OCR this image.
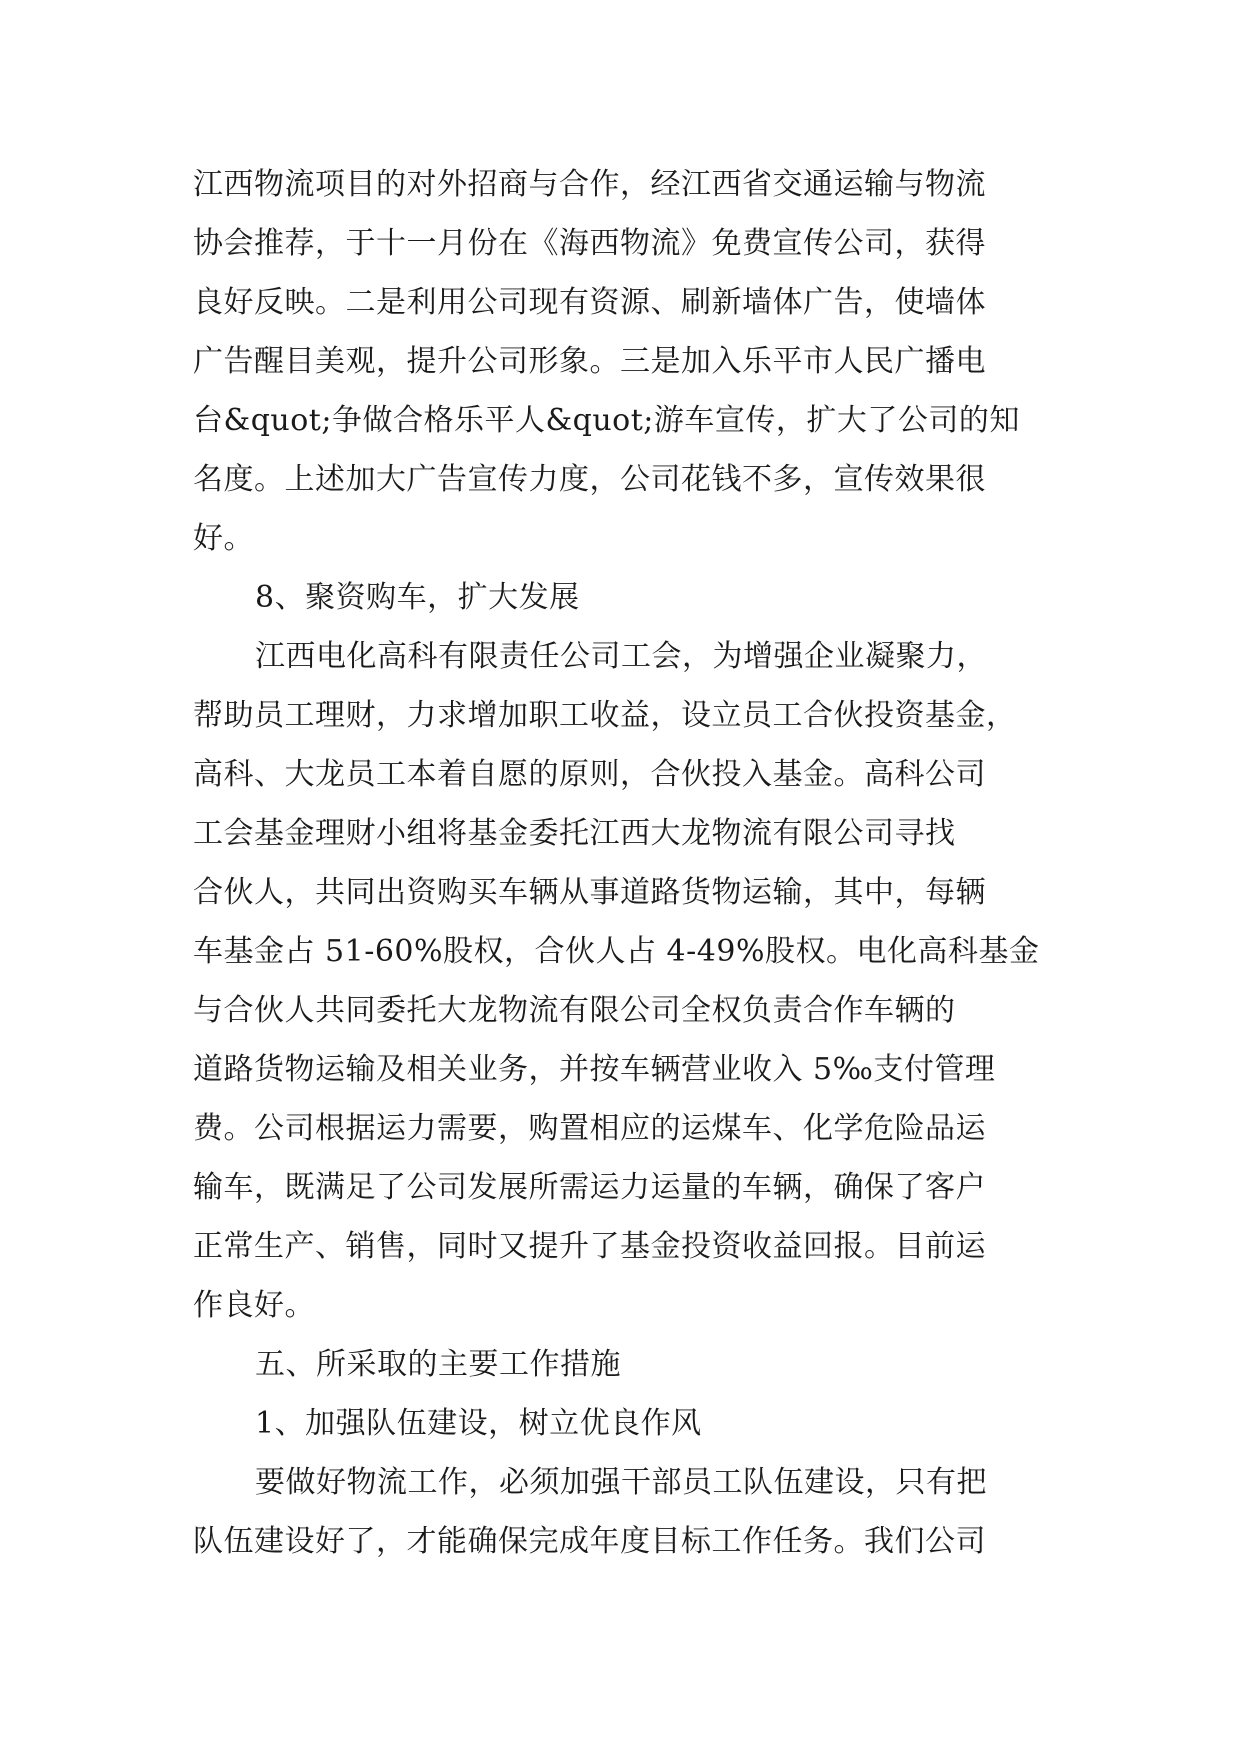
江西物流项目的对外招商与合作，经江西省交通运输与物流
协会推荐，于十一月份在《海西物流》免费宣传公司，获得
良好反映。二是利用公司现有资源、刷新墙体广告，使墙体
广告醒目美观，提升公司形象。三是加入乐平市人民广播电
台&quot;争做合格乐平人&quot;游车宣传，扩大了公司的知
名度。上述加大广告宣传力度，公司花钱不多，宣传效果很
好。
8、聚资购车，扩大发展
江西电化高科有限责任公司工会，为增强企业凝聚力，
帮助员工理财，力求增加职工收益，设立员工合伙投资基金，
高科、大龙员工本着自愿的原则，合伙投入基金。高科公司
工会基金理财小组将基金委托江西大龙物流有限公司寻找
合伙人，共同出资购买车辆从事道路货物运输，其中，每辆
车基金占 51-60%股权，合伙人占 4-49%股权。电化高科基金
与合伙人共同委托大龙物流有限公司全权负责合作车辆的
道路货物运输及相关业务，并按车辆营业收入 5‰支付管理
费。公司根据运力需要，购置相应的运煤车、化学危险品运
输车，既满足了公司发展所需运力运量的车辆，确保了客户
正常生产、销售，同时又提升了基金投资收益回报。目前运
作良好。
五、所采取的主要工作措施
1、加强队伍建设，树立优良作风
要做好物流工作，必须加强干部员工队伍建设，只有把
队伍建设好了，才能确保完成年度目标工作任务。我们公司
